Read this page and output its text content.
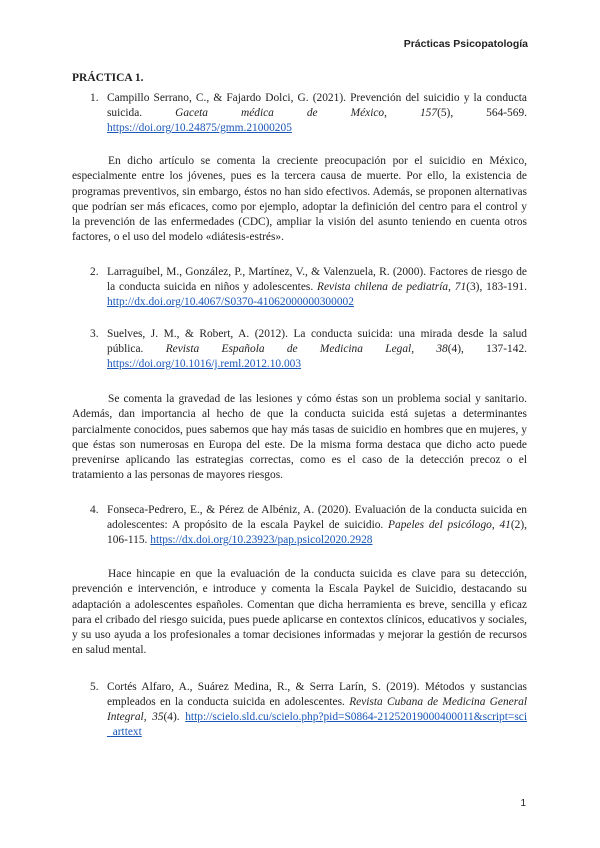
Prácticas Psicopatología
PRÁCTICA 1.
1. Campillo Serrano, C., & Fajardo Dolci, G. (2021). Prevención del suicidio y la conducta suicida. Gaceta médica de México, 157(5), 564-569. https://doi.org/10.24875/gmm.21000205

En dicho artículo se comenta la creciente preocupación por el suicidio en México, especialmente entre los jóvenes, pues es la tercera causa de muerte. Por ello, la existencia de programas preventivos, sin embargo, éstos no han sido efectivos. Además, se proponen alternativas que podrían ser más eficaces, como por ejemplo, adoptar la definición del centro para el control y la prevención de las enfermedades (CDC), ampliar la visión del asunto teniendo en cuenta otros factores, o el uso del modelo «diátesis-estrés».

2. Larraguibel, M., González, P., Martínez, V., & Valenzuela, R. (2000). Factores de riesgo de la conducta suicida en niños y adolescentes. Revista chilena de pediatría, 71(3), 183-191. http://dx.doi.org/10.4067/S0370-41062000000300002
3. Suelves, J. M., & Robert, A. (2012). La conducta suicida: una mirada desde la salud pública. Revista Española de Medicina Legal, 38(4), 137-142. https://doi.org/10.1016/j.reml.2012.10.003

Se comenta la gravedad de las lesiones y cómo éstas son un problema social y sanitario. Además, dan importancia al hecho de que la conducta suicida está sujetas a determinantes parcialmente conocidos, pues sabemos que hay más tasas de suicidio en hombres que en mujeres, y que éstas son numerosas en Europa del este. De la misma forma destaca que dicho acto puede prevenirse aplicando las estrategias correctas, como es el caso de la detección precoz o el tratamiento a las personas de mayores riesgos.

4. Fonseca-Pedrero, E., & Pérez de Albéniz, A. (2020). Evaluación de la conducta suicida en adolescentes: A propósito de la escala Paykel de suicidio. Papeles del psicólogo, 41(2), 106-115. https://dx.doi.org/10.23923/pap.psicol2020.2928

Hace hincapie en que la evaluación de la conducta suicida es clave para su detección, prevención e intervención, e introduce y comenta la Escala Paykel de Suicidio, destacando su adaptación a adolescentes españoles. Comentan que dicha herramienta es breve, sencilla y eficaz para el cribado del riesgo suicida, pues puede aplicarse en contextos clínicos, educativos y sociales, y su uso ayuda a los profesionales a tomar decisiones informadas y mejorar la gestión de recursos en salud mental.

5. Cortés Alfaro, A., Suárez Medina, R., & Serra Larín, S. (2019). Métodos y sustancias empleados en la conducta suicida en adolescentes. Revista Cubana de Medicina General Integral, 35(4). http://scielo.sld.cu/scielo.php?pid=S0864-21252019000400011&script=sci_arttext
1
